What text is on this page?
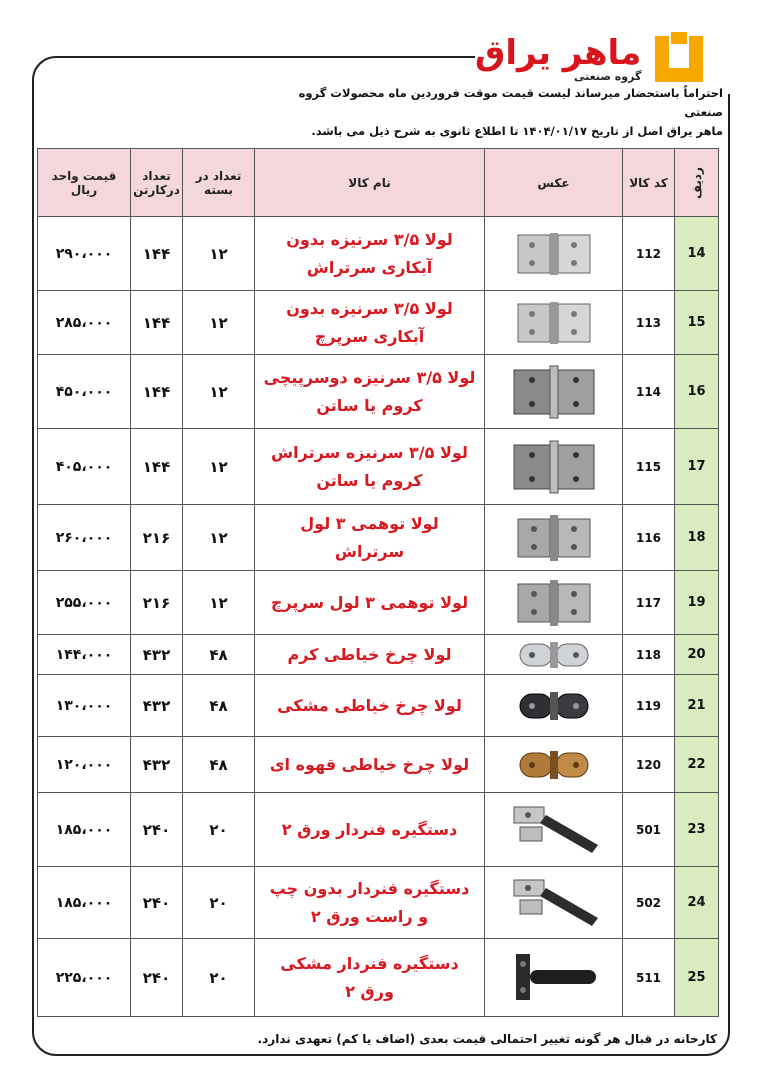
ماهر یراق
گروه صنعتی
احتراماً باستحضار میرساند لیست قیمت موقت فروردین ماه محصولات گروه صنعتی
ماهر یراق اصل از تاریخ ۱۴۰۴/۰۱/۱۷ تا اطلاع ثانوی به شرح ذیل می باشد.
ردیف	کد کالا	عکس	نام کالا	تعداد در بسته	تعداد درکارتن	قیمت واحد ریال
14	112		لولا ۳/۵ سرنیزه بدون آبکاری سرتراش	۱۲	۱۴۴	۲۹۰،۰۰۰
15	113		لولا ۳/۵ سرنیزه بدون آبکاری سرپرچ	۱۲	۱۴۴	۲۸۵،۰۰۰
16	114		لولا ۳/۵ سرنیزه دوسرپیچی کروم یا ساتن	۱۲	۱۴۴	۴۵۰،۰۰۰
17	115		لولا ۳/۵ سرنیزه سرتراش کروم یا ساتن	۱۲	۱۴۴	۴۰۵،۰۰۰
18	116		لولا توهمی ۳ لول سرتراش	۱۲	۲۱۶	۲۶۰،۰۰۰
19	117		لولا توهمی ۳ لول سرپرچ	۱۲	۲۱۶	۲۵۵،۰۰۰
20	118		لولا چرخ خیاطی کرم	۴۸	۴۳۲	۱۴۴،۰۰۰
21	119		لولا چرخ خیاطی مشکی	۴۸	۴۳۲	۱۳۰،۰۰۰
22	120		لولا چرخ خیاطی قهوه ای	۴۸	۴۳۲	۱۲۰،۰۰۰
23	501		دستگیره فنردار ورق ۲	۲۰	۲۴۰	۱۸۵،۰۰۰
24	502		دستگیره فنردار بدون چپ و راست ورق ۲	۲۰	۲۴۰	۱۸۵،۰۰۰
25	511		دستگیره فنردار مشکی ورق ۲	۲۰	۲۴۰	۲۲۵،۰۰۰
کارخانه در قبال هر گونه تغییر احتمالی قیمت بعدی (اضاف یا کم) تعهدی ندارد.
